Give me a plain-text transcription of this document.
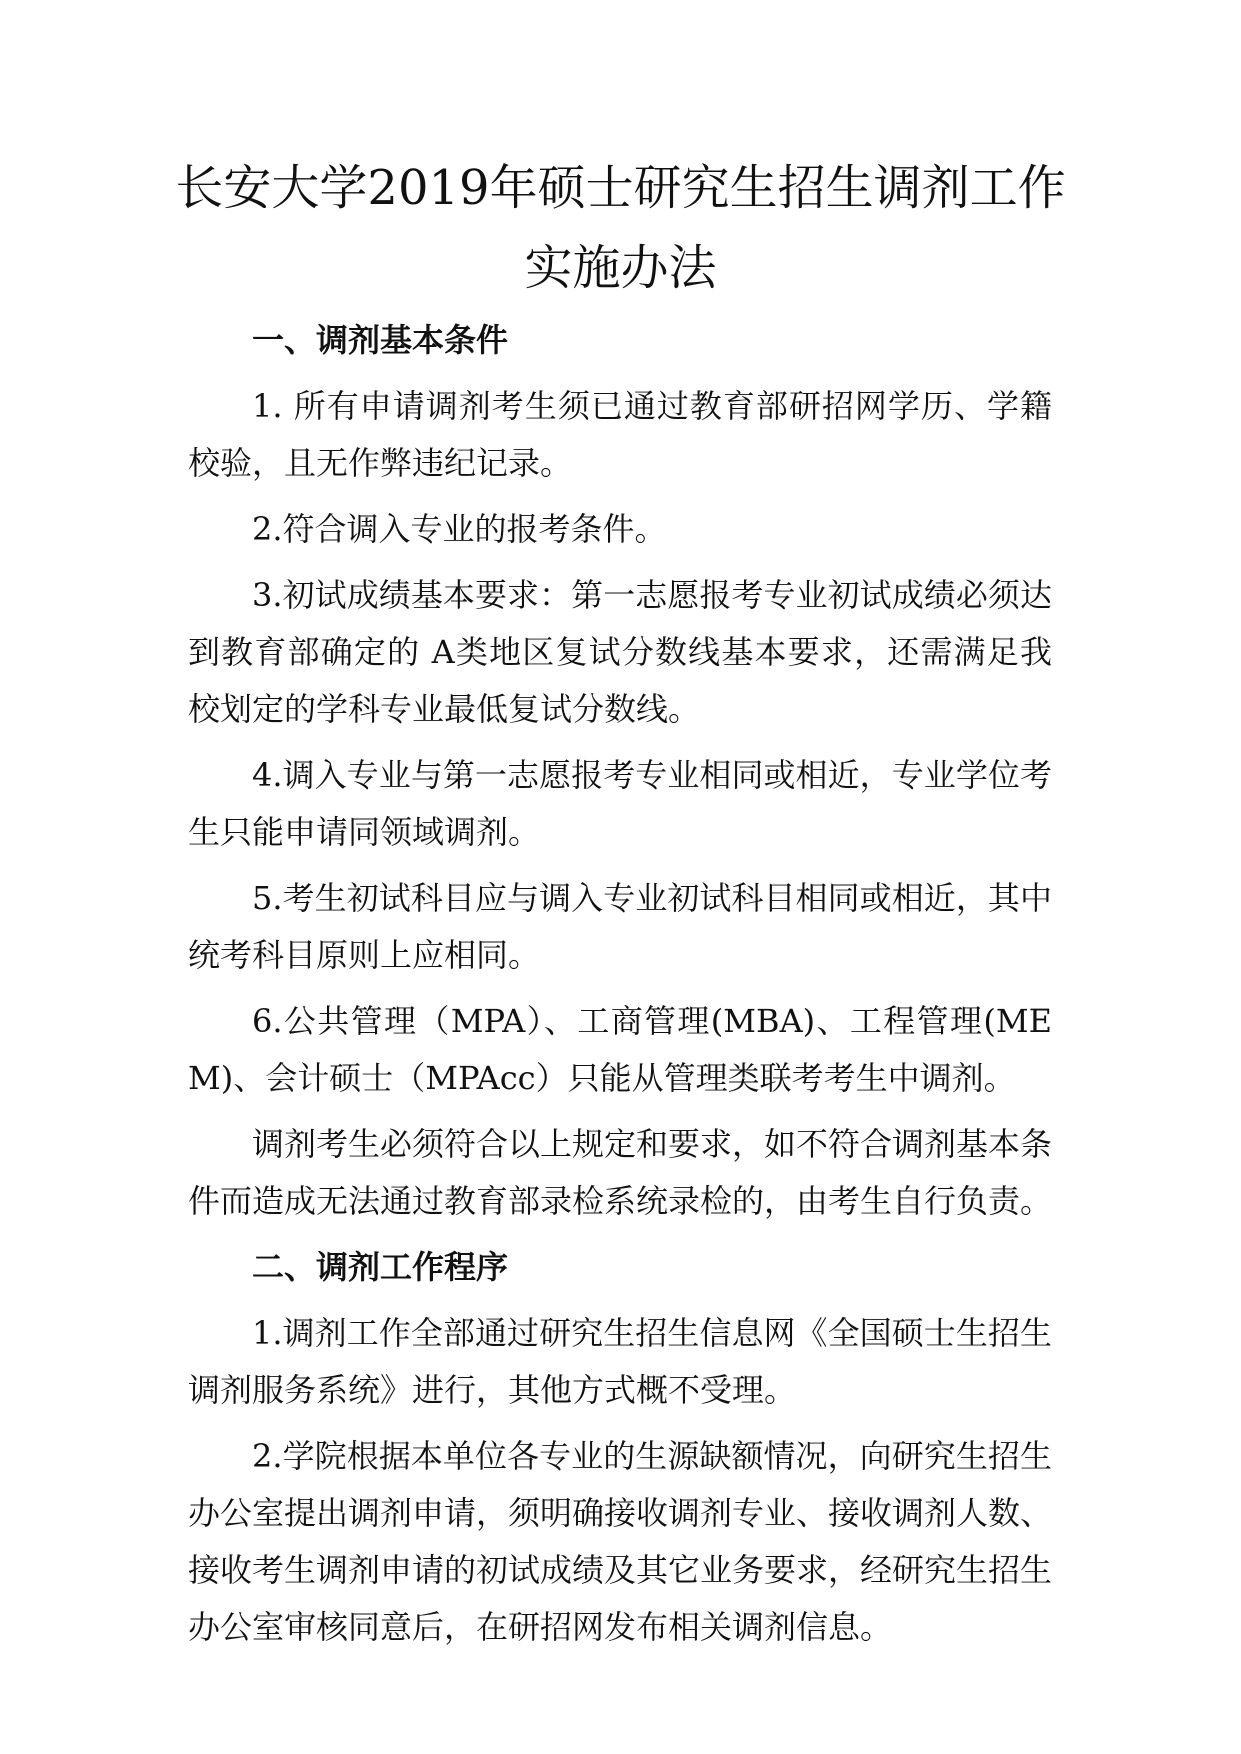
长安大学2019年硕士研究生招生调剂工作
实施办法
一、调剂基本条件

1. 所有申请调剂考生须已通过教育部研招网学历、学籍校验，且无作弊违纪记录。

2.符合调入专业的报考条件。

3.初试成绩基本要求：第一志愿报考专业初试成绩必须达到教育部确定的 A类地区复试分数线基本要求，还需满足我校划定的学科专业最低复试分数线。

4.调入专业与第一志愿报考专业相同或相近，专业学位考生只能申请同领域调剂。

5.考生初试科目应与调入专业初试科目相同或相近，其中统考科目原则上应相同。

6.公共管理（MPA）、工商管理(MBA)、工程管理(MEM)、会计硕士（MPAcc）只能从管理类联考考生中调剂。

调剂考生必须符合以上规定和要求，如不符合调剂基本条件而造成无法通过教育部录检系统录检的，由考生自行负责。

二、调剂工作程序

1.调剂工作全部通过研究生招生信息网《全国硕士生招生调剂服务系统》进行，其他方式概不受理。

2.学院根据本单位各专业的生源缺额情况，向研究生招生办公室提出调剂申请，须明确接收调剂专业、接收调剂人数、接收考生调剂申请的初试成绩及其它业务要求，经研究生招生办公室审核同意后，在研招网发布相关调剂信息。
